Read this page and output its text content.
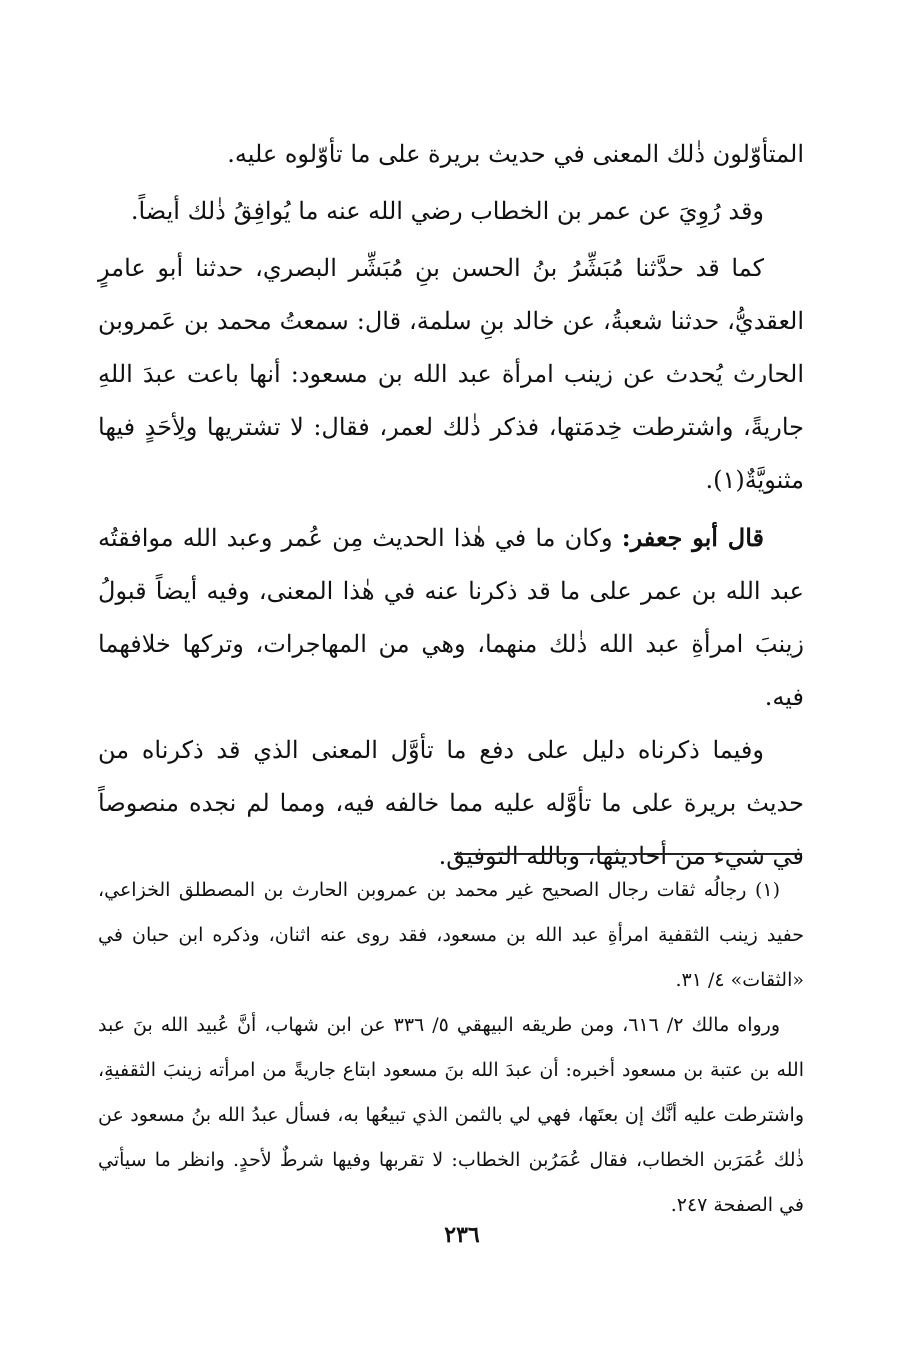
المتأوّلون ذٰلك المعنى في حديث بريرة على ما تأوّلوه عليه.

وقد رُوِيَ عن عمر بن الخطاب رضي الله عنه ما يُوافِقُ ذٰلك أيضاً.

كما قد حدَّثنا مُبَشِّرُ بنُ الحسن بنِ مُبَشِّر البصري، حدثنا أبو عامرٍ العقديُّ، حدثنا شعبةُ، عن خالد بنِ سلمة، قال: سمعتُ محمد بن عَمروبن الحارث يُحدث عن زينب امرأة عبد الله بن مسعود: أنها باعت عبدَ اللهِ جاريةً، واشترطت خِدمَتها، فذكر ذٰلك لعمر، فقال: لا تشتريها ولِأحَدٍ فيها مثنويَّةٌ(١).

قال أبو جعفر: وكان ما في هٰذا الحديث مِن عُمر وعبد الله موافقتُه عبد الله بن عمر على ما قد ذكرنا عنه في هٰذا المعنى، وفيه أيضاً قبولُ زينبَ امرأةِ عبد الله ذٰلك منهما، وهي من المهاجرات، وتركها خلافهما فيه.

وفيما ذكرناه دليل على دفع ما تأوَّل المعنى الذي قد ذكرناه من حديث بريرة على ما تأوَّله عليه مما خالفه فيه، ومما لم نجده منصوصاً في شيء من أحاديثها، وبالله التوفيق.

(١) رجالُه ثقات رجال الصحيح غير محمد بن عمروبن الحارث بن المصطلق الخزاعي، حفيد زينب الثقفية امرأةِ عبد الله بن مسعود، فقد روى عنه اثنان، وذكره ابن حبان في «الثقات» ٤/ ٣١.

ورواه مالك ٢/ ٦١٦، ومن طريقه البيهقي ٥/ ٣٣٦ عن ابن شهاب، أنَّ عُبيد الله بنَ عبد الله بن عتبة بن مسعود أخبره: أن عبدَ الله بنَ مسعود ابتاع جاريةً من امرأته زينبَ الثقفيةِ، واشترطت عليه أنَّك إن بعتَها، فهي لي بالثمن الذي تبيعُها به، فسأل عبدُ الله بنُ مسعود عن ذٰلك عُمَرَبن الخطاب، فقال عُمَرُبن الخطاب: لا تقربها وفيها شرطٌ لأحدٍ. وانظر ما سيأتي في الصفحة ٢٤٧.

٢٣٦
